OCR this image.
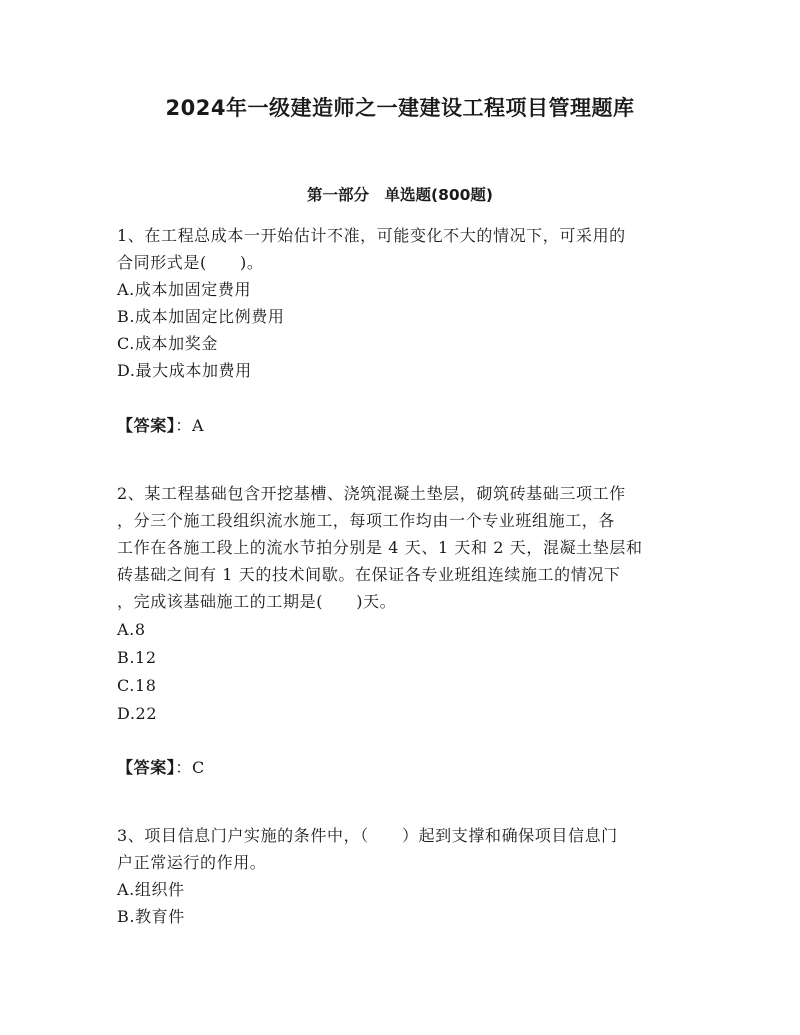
2024年一级建造师之一建建设工程项目管理题库
第一部分　单选题(800题)
1、在工程总成本一开始估计不准，可能变化不大的情况下，可采用的
合同形式是(　　)。
A.成本加固定费用
B.成本加固定比例费用
C.成本加奖金
D.最大成本加费用
【答案】：A
2、某工程基础包含开挖基槽、浇筑混凝土垫层，砌筑砖基础三项工作
，分三个施工段组织流水施工，每项工作均由一个专业班组施工，各
工作在各施工段上的流水节拍分别是 4 天、1 天和 2 天，混凝土垫层和
砖基础之间有 1 天的技术间歇。在保证各专业班组连续施工的情况下
，完成该基础施工的工期是(　　)天。
A.8
B.12
C.18
D.22
【答案】：C
3、项目信息门户实施的条件中，（　　）起到支撑和确保项目信息门
户正常运行的作用。
A.组织件
B.教育件
